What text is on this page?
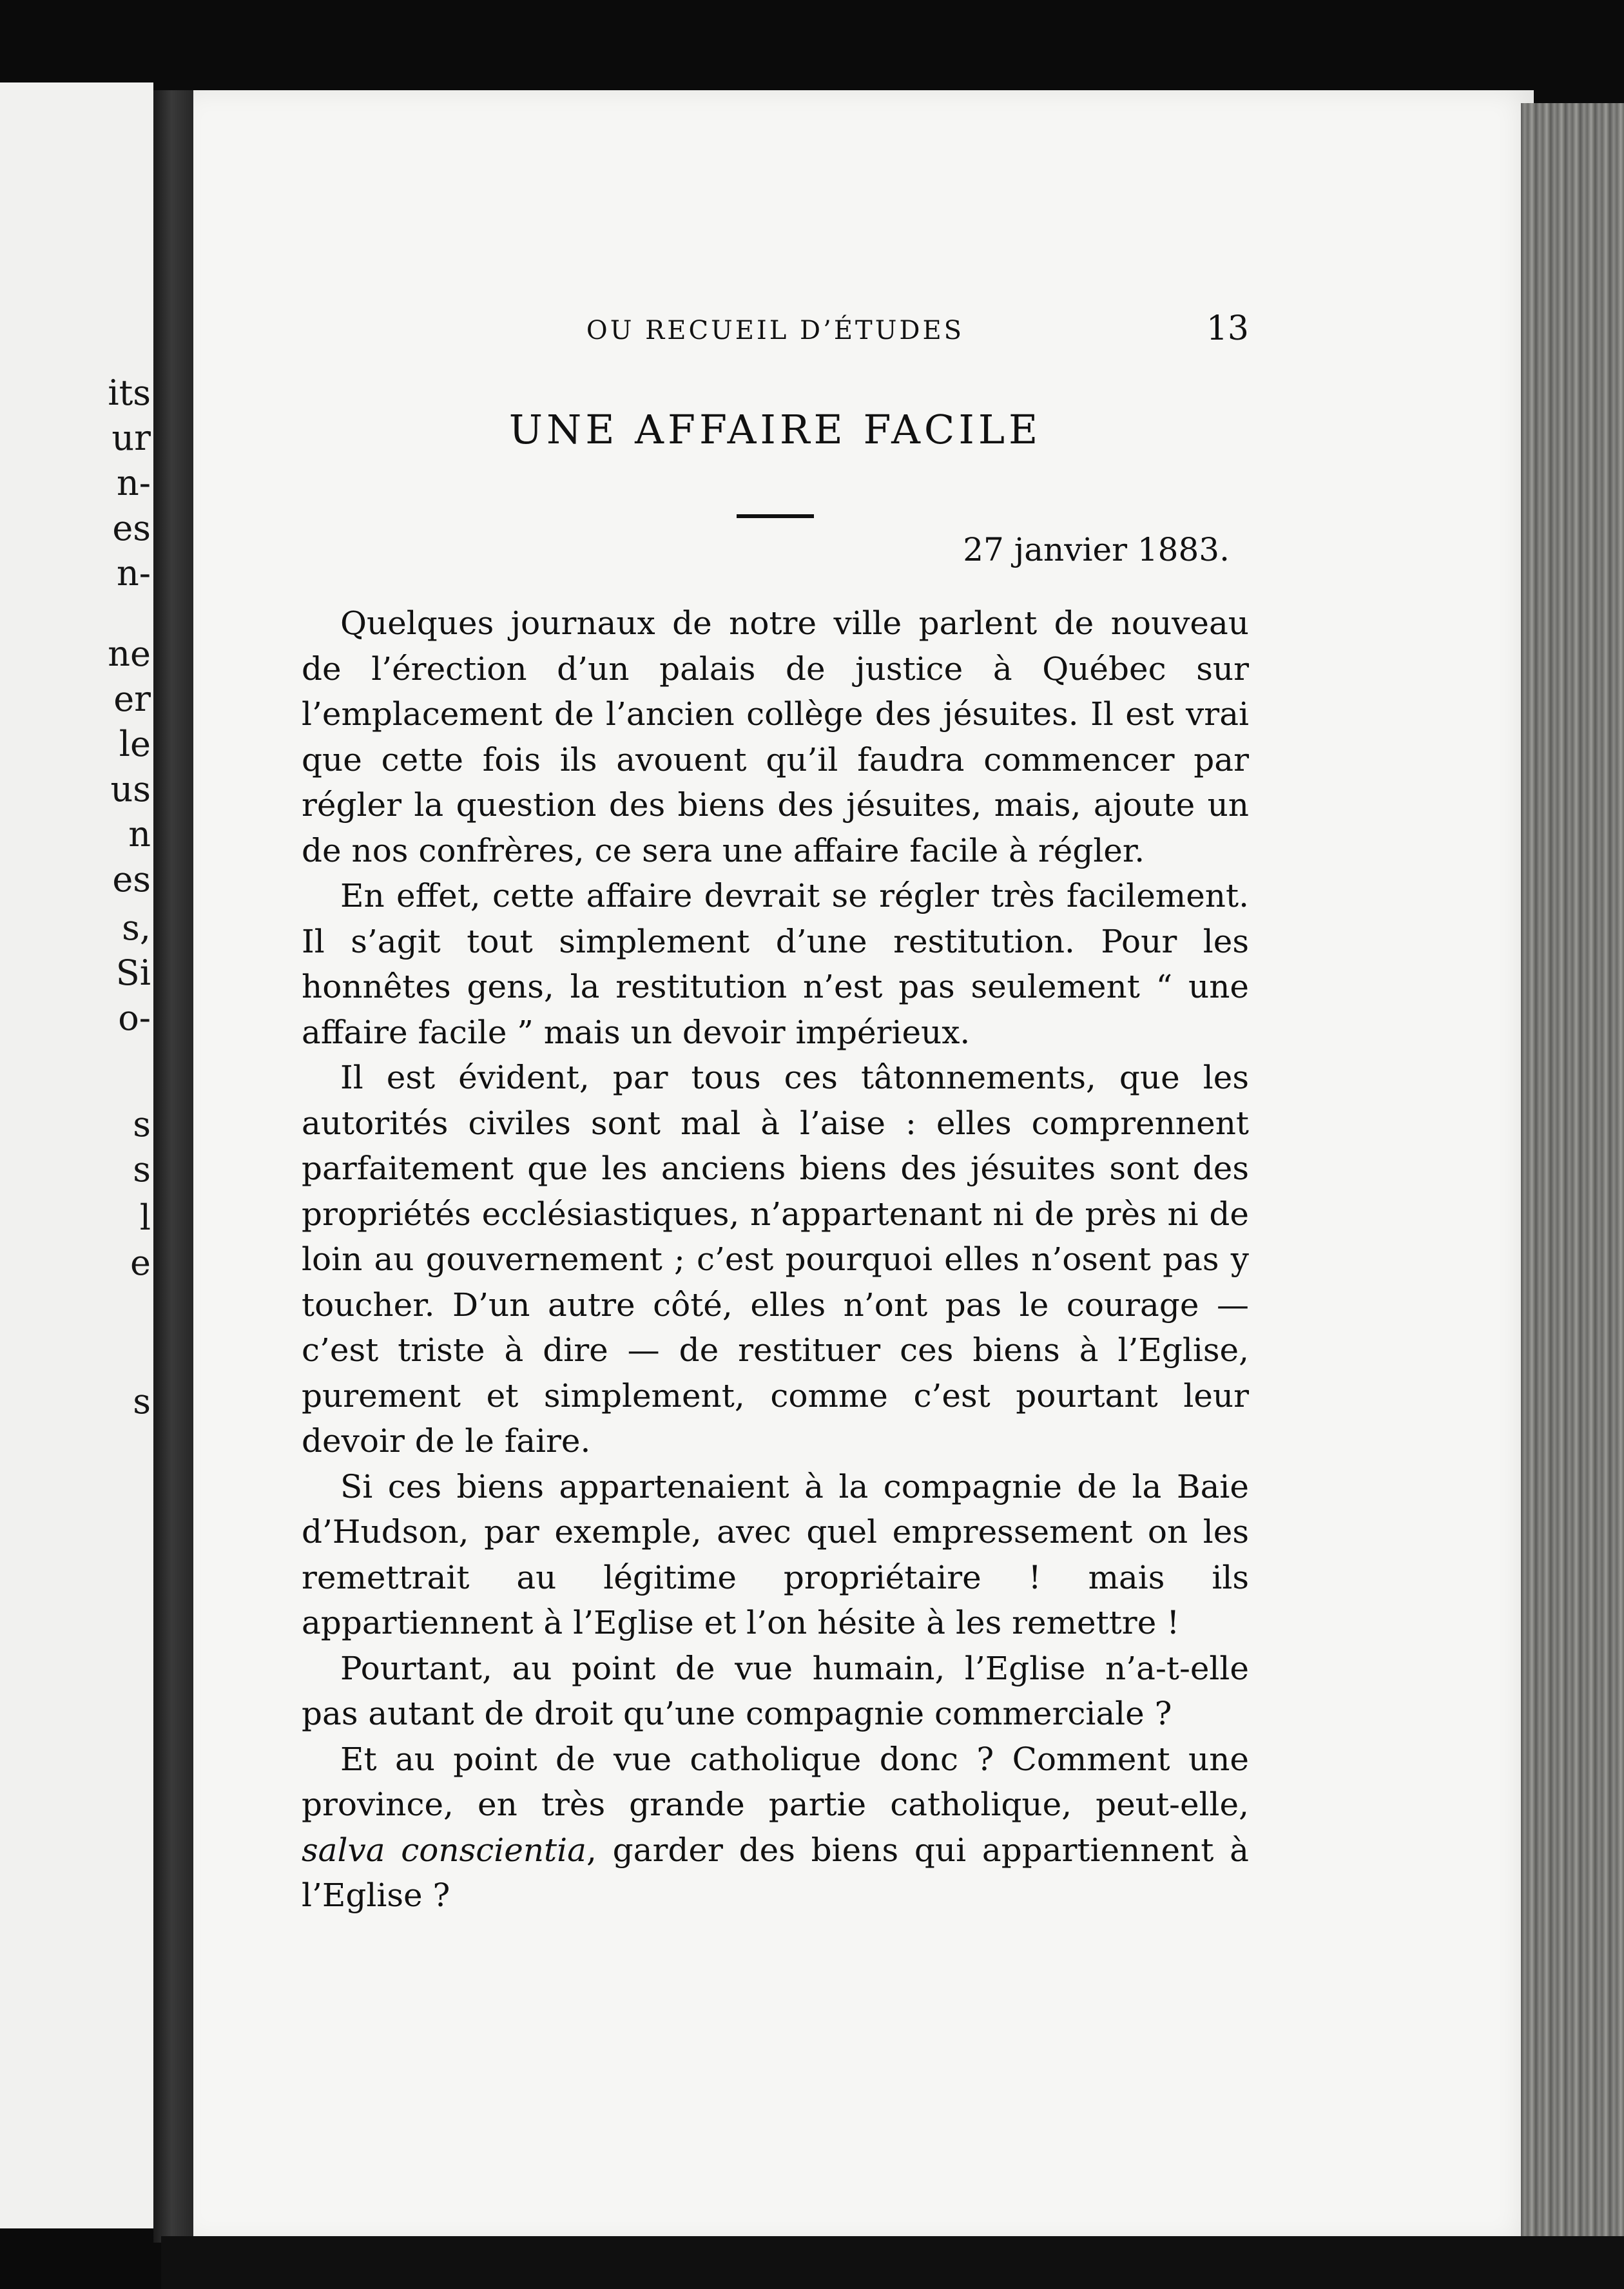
its
ur
n-
es
n-
ne
er
le
us
n
es
s,
Si
o-
s
s
l
e
s
OU RECUEIL D’ÉTUDES	13
UNE AFFAIRE FACILE
27 janvier 1883.

Quelques journaux de notre ville parlent de nouveau de l’érection d’un palais de justice à Québec sur l’emplacement de l’ancien collège des jésuites. Il est vrai que cette fois ils avouent qu’il faudra commencer par régler la question des biens des jésuites, mais, ajoute un de nos confrères, ce sera une affaire facile à régler.

En effet, cette affaire devrait se régler très facilement. Il s’agit tout simplement d’une restitution. Pour les honnêtes gens, la restitution n’est pas seulement “ une affaire facile ” mais un devoir impérieux.

Il est évident, par tous ces tâtonnements, que les autorités civiles sont mal à l’aise : elles comprennent parfaitement que les anciens biens des jésuites sont des propriétés ecclésiastiques, n’appartenant ni de près ni de loin au gouvernement ; c’est pourquoi elles n’osent pas y toucher. D’un autre côté, elles n’ont pas le courage — c’est triste à dire — de restituer ces biens à l’Eglise, purement et simplement, comme c’est pourtant leur devoir de le faire.

Si ces biens appartenaient à la compagnie de la Baie d’Hudson, par exemple, avec quel empressement on les remettrait au légitime propriétaire ! mais ils appartiennent à l’Eglise et l’on hésite à les remettre !

Pourtant, au point de vue humain, l’Eglise n’a-t-elle pas autant de droit qu’une compagnie commerciale ?

Et au point de vue catholique donc ? Comment une province, en très grande partie catholique, peut-elle, salva conscientia, garder des biens qui appartiennent à l’Eglise ?
